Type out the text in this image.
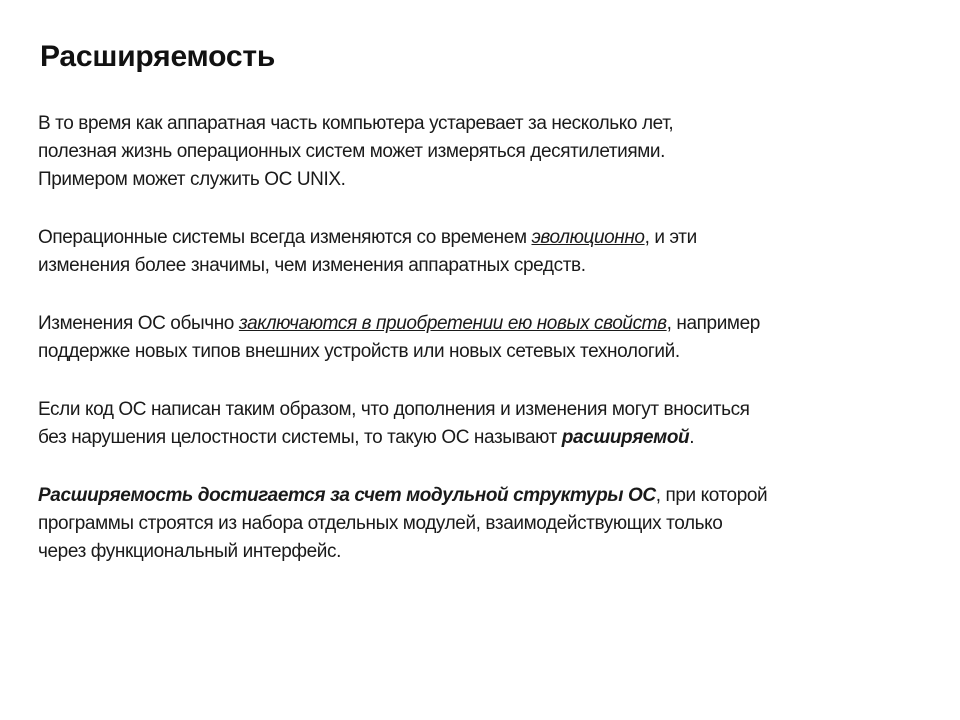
Расширяемость

В то время как аппаратная часть компьютера устаревает за несколько лет,
полезная жизнь операционных систем может измеряться десятилетиями.
Примером может служить ОС UNIX.

Операционные системы всегда изменяются со временем эволюционно, и эти
изменения более значимы, чем изменения аппаратных средств.

Изменения ОС обычно заключаются в приобретении ею новых свойств, например
поддержке новых типов внешних устройств или новых сетевых технологий.

Если код ОС написан таким образом, что дополнения и изменения могут вноситься
без нарушения целостности системы, то такую ОС называют расширяемой.

Расширяемость достигается за счет модульной структуры ОС, при которой
программы строятся из набора отдельных модулей, взаимодействующих только
через функциональный интерфейс.
